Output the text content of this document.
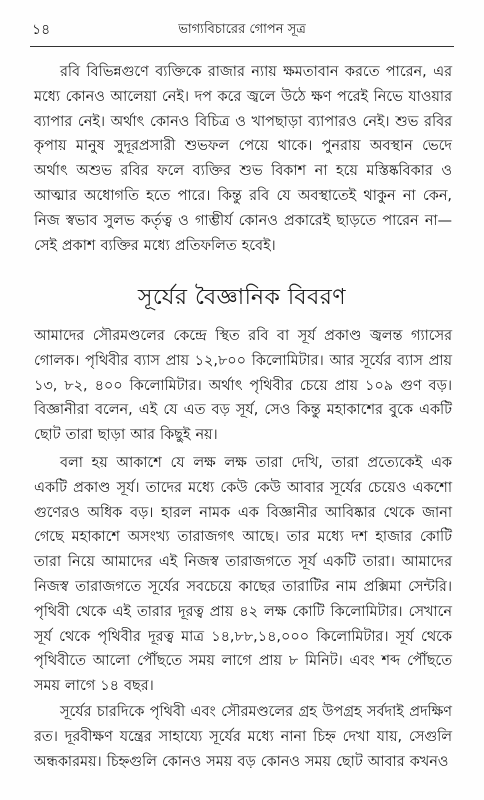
১৪	ভাগ্যবিচারের গোপন সূত্র

রবি বিভিন্নগুণে ব্যক্তিকে রাজার ন্যায় ক্ষমতাবান করতে পারেন, এর মধ্যে কোনও আলেয়া নেই। দপ করে জ্বলে উঠে ক্ষণ পরেই নিভে যাওয়ার ব্যাপার নেই। অর্থাৎ কোনও বিচিত্র ও খাপছাড়া ব্যাপারও নেই। শুভ রবির কৃপায় মানুষ সুদূরপ্রসারী শুভফল পেয়ে থাকে। পুনরায় অবস্থান ভেদে অর্থাৎ অশুভ রবির ফলে ব্যক্তির শুভ বিকাশ না হয়ে মস্তিষ্কবিকার ও আত্মার অধোগতি হতে পারে। কিন্তু রবি যে অবস্থাতেই থাকুন না কেন, নিজ স্বভাব সুলভ কর্তৃত্ব ও গাম্ভীর্য কোনও প্রকারেই ছাড়তে পারেন না—সেই প্রকাশ ব্যক্তির মধ্যে প্রতিফলিত হবেই।

সূর্যের বৈজ্ঞানিক বিবরণ

আমাদের সৌরমণ্ডলের কেন্দ্রে স্থিত রবি বা সূর্য প্রকাণ্ড জ্বলন্ত গ্যাসের গোলক। পৃথিবীর ব্যাস প্রায় ১২,৮০০ কিলোমিটার। আর সূর্যের ব্যাস প্রায় ১৩, ৮২, ৪০০ কিলোমিটার। অর্থাৎ পৃথিবীর চেয়ে প্রায় ১০৯ গুণ বড়। বিজ্ঞানীরা বলেন, এই যে এত বড় সূর্য, সেও কিন্তু মহাকাশের বুকে একটি ছোট তারা ছাড়া আর কিছুই নয়।

বলা হয় আকাশে যে লক্ষ লক্ষ তারা দেখি, তারা প্রত্যেকেই এক একটি প্রকাণ্ড সূর্য। তাদের মধ্যে কেউ কেউ আবার সূর্যের চেয়েও একশো গুণেরও অধিক বড়। হারল নামক এক বিজ্ঞানীর আবিষ্কার থেকে জানা গেছে মহাকাশে অসংখ্য তারাজগৎ আছে। তার মধ্যে দশ হাজার কোটি তারা নিয়ে আমাদের এই নিজস্ব তারাজগতে সূর্য একটি তারা। আমাদের নিজস্ব তারাজগতে সূর্যের সবচেয়ে কাছের তারাটির নাম প্রক্সিমা সেন্টরি। পৃথিবী থেকে এই তারার দূরত্ব প্রায় ৪২ লক্ষ কোটি কিলোমিটার। সেখানে সূর্য থেকে পৃথিবীর দূরত্ব মাত্র ১৪,৮৮,১৪,০০০ কিলোমিটার। সূর্য থেকে পৃথিবীতে আলো পৌঁছতে সময় লাগে প্রায় ৮ মিনিট। এবং শব্দ পৌঁছতে সময় লাগে ১৪ বছর।

সূর্যের চারদিকে পৃথিবী এবং সৌরমণ্ডলের গ্রহ উপগ্রহ সর্বদাই প্রদক্ষিণ রত। দূরবীক্ষণ যন্ত্রের সাহায্যে সূর্যের মধ্যে নানা চিহ্ন দেখা যায়, সেগুলি অন্ধকারময়। চিহ্নগুলি কোনও সময় বড় কোনও সময় ছোট আবার কখনও
